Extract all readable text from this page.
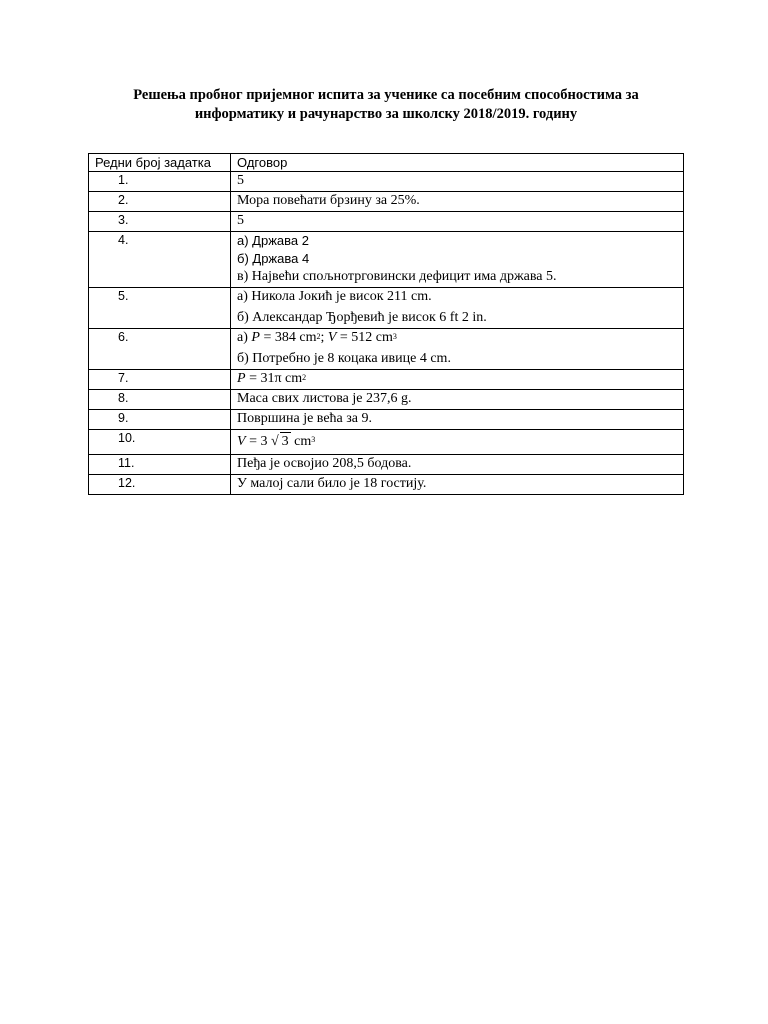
Решења пробног пријемног испита за ученике са посебним способностима за
информатику и рачунарство за школску 2018/2019. годину
Редни број задатка	Одговор
1.	5

2.	Мора повећати брзину за 25%.

3.	5

4.	а) Држава 2
б) Држава 4
в) Највећи спољнотрговински дефицит има држава 5.

5.	а) Никола Јокић је висок 211 cm.
б) Александар Ђорђевић је висок 6 ft 2 in.

6.	а) P = 384 $cm^2$; V = 512 $cm^3$
б) Потребно је 8 коцака ивице 4 cm.

7.	P = 31π $cm^2$

8.	Маса свих листова је 237,6 g.

9.	Површина је већа за 9.

10.	V = 3 √ 3 $cm^3$

11.	Пеђа је освојио 208,5 бодова.

12.	У малој сали било је 18 гостију.
